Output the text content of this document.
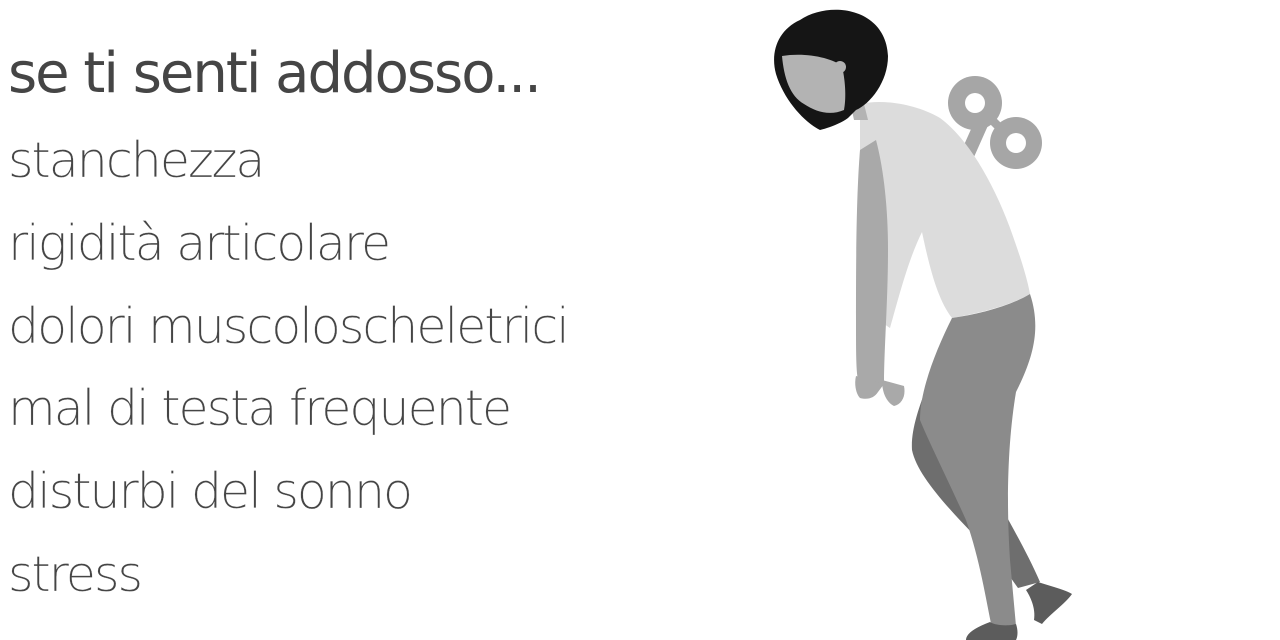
se ti senti addosso...
stanchezza
rigidità articolare
dolori muscoloscheletrici
mal di testa frequente
disturbi del sonno
stress
